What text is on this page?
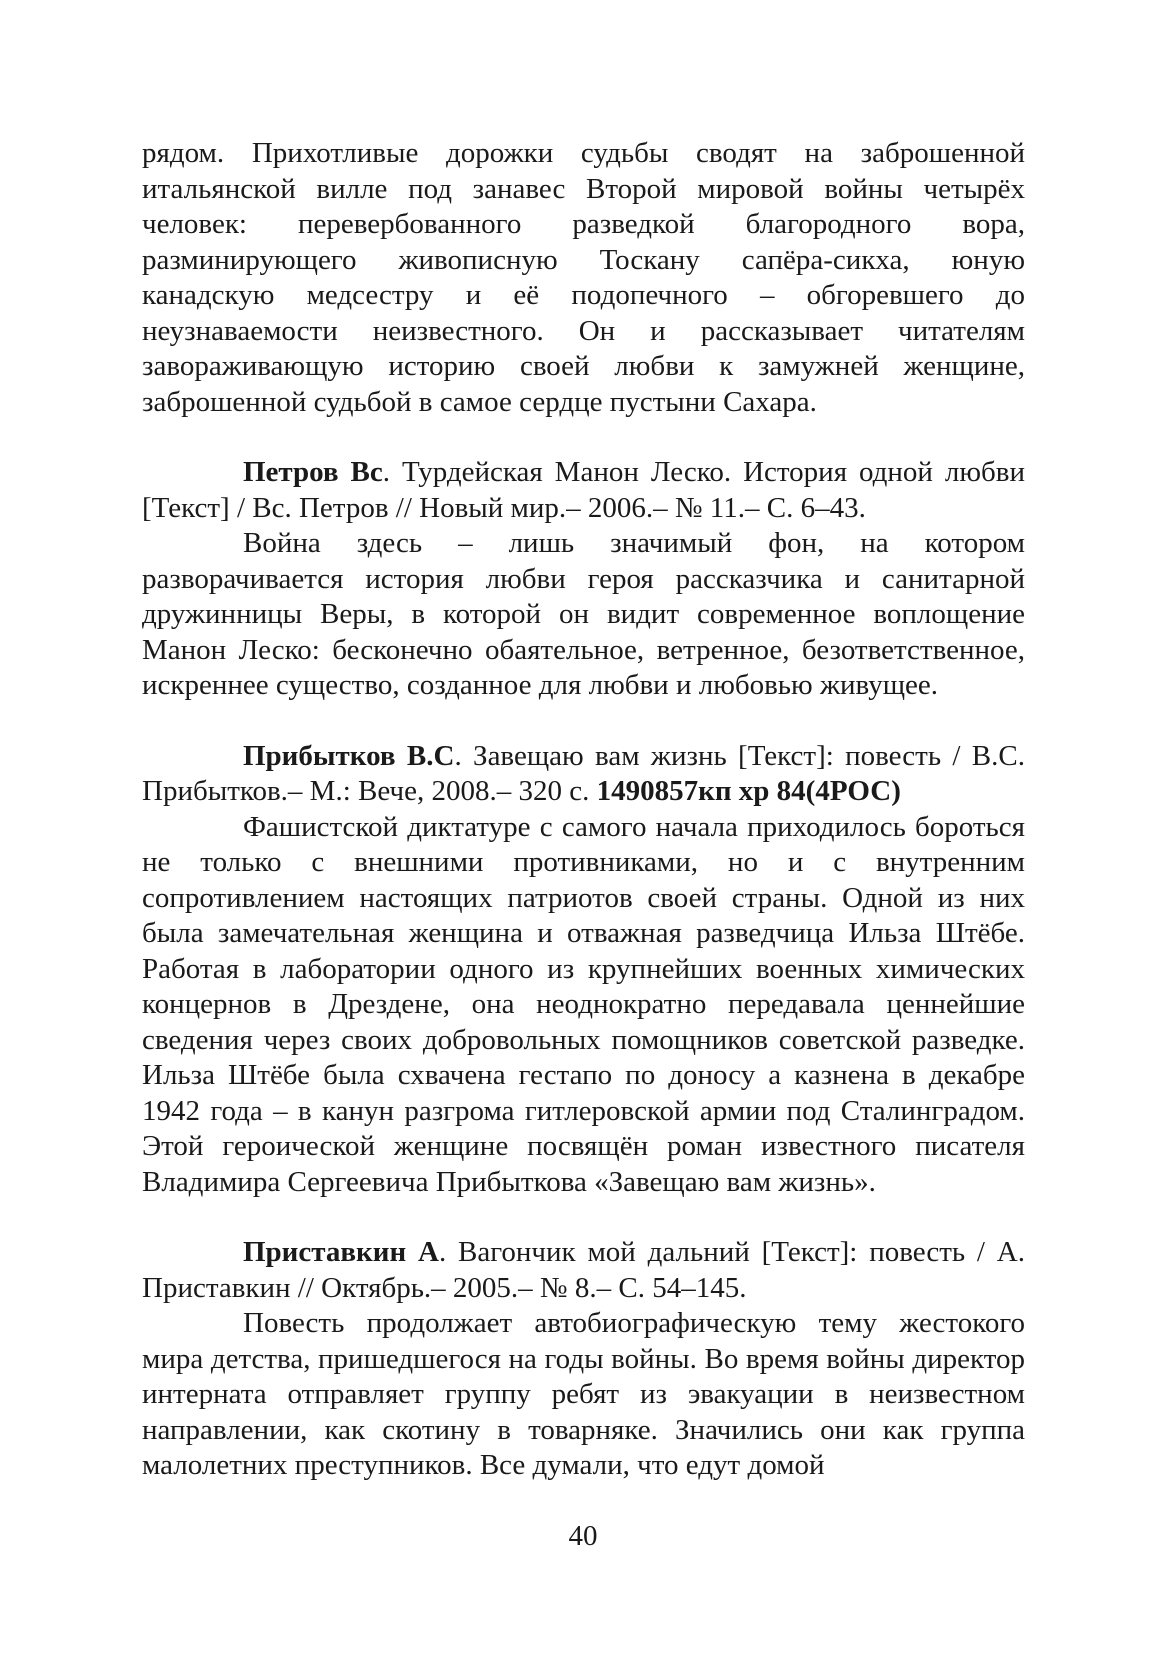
рядом. Прихотливые дорожки судьбы сводят на заброшенной итальянской вилле под занавес Второй мировой войны четырёх человек: перевербованного разведкой благородного вора, разминирующего живописную Тоскану сапёра-сикха, юную канадскую медсестру и её подопечного – обгоревшего до неузнаваемости неизвестного. Он и рассказывает читателям завораживающую историю своей любви к замужней женщине, заброшенной судьбой в самое сердце пустыни Сахара.

Петров Вс. Турдейская Манон Леско. История одной любви [Текст] / Вс. Петров // Новый мир.– 2006.– № 11.– С. 6–43.

Война здесь – лишь значимый фон, на котором разворачивается история любви героя рассказчика и санитарной дружинницы Веры, в которой он видит современное воплощение Манон Леско: бесконечно обаятельное, ветренное, безответственное, искреннее существо, созданное для любви и любовью живущее.

Прибытков В.С. Завещаю вам жизнь [Текст]: повесть / В.С. Прибытков.– М.: Вече, 2008.– 320 с. 1490857кп хр 84(4РОС)

Фашистской диктатуре с самого начала приходилось бороться не только с внешними противниками, но и с внутренним сопротивлением настоящих патриотов своей страны. Одной из них была замечательная женщина и отважная разведчица Ильза Штёбе. Работая в лаборатории одного из крупнейших военных химических концернов в Дрездене, она неоднократно передавала ценнейшие сведения через своих добровольных помощников советской разведке. Ильза Штёбе была схвачена гестапо по доносу а казнена в декабре 1942 года – в канун разгрома гитлеровской армии под Сталинградом. Этой героической женщине посвящён роман известного писателя Владимира Сергеевича Прибыткова «Завещаю вам жизнь».

Приставкин А. Вагончик мой дальний [Текст]: повесть / А. Приставкин // Октябрь.– 2005.– № 8.– С. 54–145.

Повесть продолжает автобиографическую тему жестокого мира детства, пришедшегося на годы войны. Во время войны директор интерната отправляет группу ребят из эвакуации в неизвестном направлении, как скотину в товарняке. Значились они как группа малолетних преступников. Все думали, что едут домой

40
